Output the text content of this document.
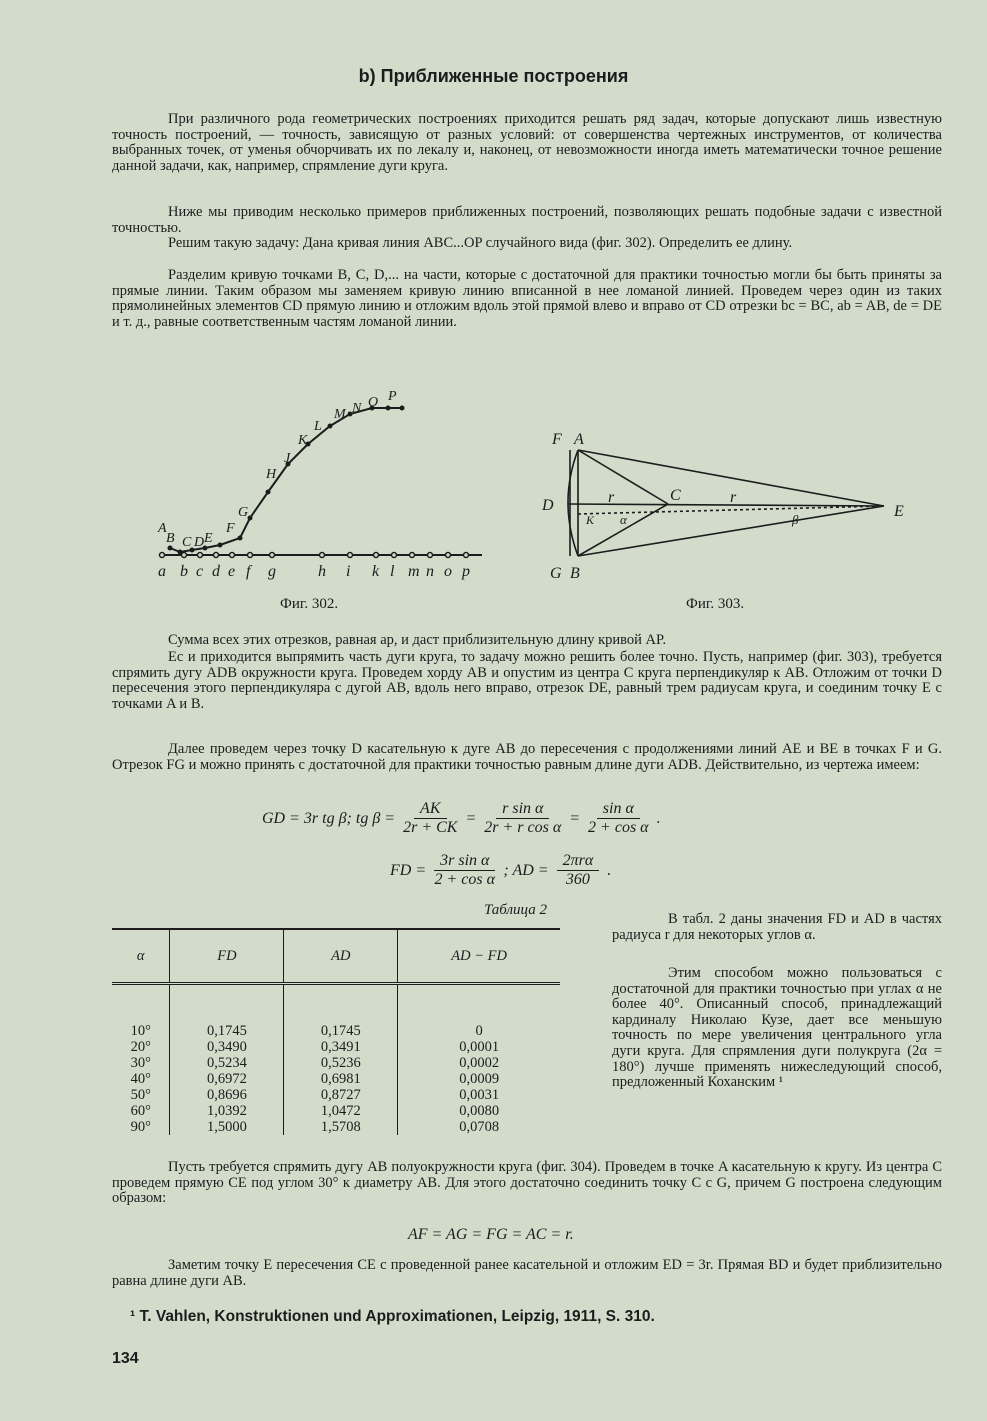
b) Приближенные построения
При различного рода геометрических построениях приходится решать ряд задач, которые допускают лишь известную точность построений, — точность, зависящую от разных условий: от совершенства чертежных инструментов, от количества выбранных точек, от уменья обчорчивать их по лекалу и, наконец, от невозможности иногда иметь математически точное решение данной задачи, как, например, спрямление дуги круга.
Ниже мы приводим несколько примеров приближенных построений, позволяющих решать подобные задачи с известной точностью.
Решим такую задачу: Дана кривая линия ABC...OP случайного вида (фиг. 302). Определить ее длину.
Разделим кривую точками B, C, D,... на части, которые с достаточной для практики точностью могли бы быть приняты за прямые линии. Таким образом мы заменяем кривую линию вписанной в нее ломаной линией. Проведем через один из таких прямолинейных элементов CD прямую линию и отложим вдоль этой прямой влево и вправо от CD отрезки bc = BC, ab = AB, de = DE и т. д., равные соответственным частям ломаной линии.
A
B C D E
F
G
H
J
K
L
M N O P
a b c d e f g	h i k l m n o p
Фиг. 302.
F A
D
C
E
G B
r	r
K α	β
Фиг. 303.
Сумма всех этих отрезков, равная ap, и даст приблизительную длину кривой AP.
Ес и приходится выпрямить часть дуги круга, то задачу можно решить более точно. Пусть, например (фиг. 303), требуется спрямить дугу ADB окружности круга. Проведем хорду AB и опустим из центра C круга перпендикуляр к AB. Отложим от точки D пересечения этого перпендикуляра с дугой AB, вдоль него вправо, отрезок DE, равный трем радиусам круга, и соединим точку E с точками A и B.
Далее проведем через точку D касательную к дуге AB до пересечения с продолжениями линий AE и BE в точках F и G. Отрезок FG и можно принять с достаточной для практики точностью равным длине дуги ADB. Действительно, из чертежа имеем:
GD = 3r tg β; tg $\beta = \frac{AK}{2r + CK} = \frac{\text{r sin α}}{\text{2r + r cos α}} = \frac{\text{sin α}}{\text{2 + cos α}}$ .
FD = $\frac{\text{3r sin α}}{\text{2 + cos α}}$ ; AD =
2πrα
360
.
Таблица 2
α	FD	AD	AD − FD
10°	0,1745	0,1745	0
20°	0,3490	0,3491	0,0001
30°	0,5234	0,5236	0,0002
40°	0,6972	0,6981	0,0009
50°	0,8696	0,8727	0,0031
60°	1,0392	1,0472	0,0080
90°	1,5000	1,5708	0,0708
В табл. 2 даны значения FD и AD в частях радиуса r для некоторых углов α.
Этим способом можно пользоваться с достаточной для практики точностью при углах α не более 40°. Описанный способ, принадлежащий кардиналу Николаю Кузе, дает все меньшую точность по мере увеличения центрального угла дуги круга. Для спрямления дуги полукруга (2α = 180°) лучше применять нижеследующий способ, предложенный Коханским ¹
Пусть требуется спрямить дугу AB полуокружности круга (фиг. 304). Проведем в точке A касательную к кругу. Из центра C проведем прямую CE под углом 30° к диаметру AB. Для этого достаточно соединить точку C с G, причем G построена следующим образом:
AF = AG = FG = AC = r.
Заметим точку E пересечения CE с проведенной ранее касательной и отложим ED = 3r. Прямая BD и будет приблизительно равна длине дуги AB.
¹ T. Vahlen, Konstruktionen und Approximationen, Leipzig, 1911, S. 310.
134
